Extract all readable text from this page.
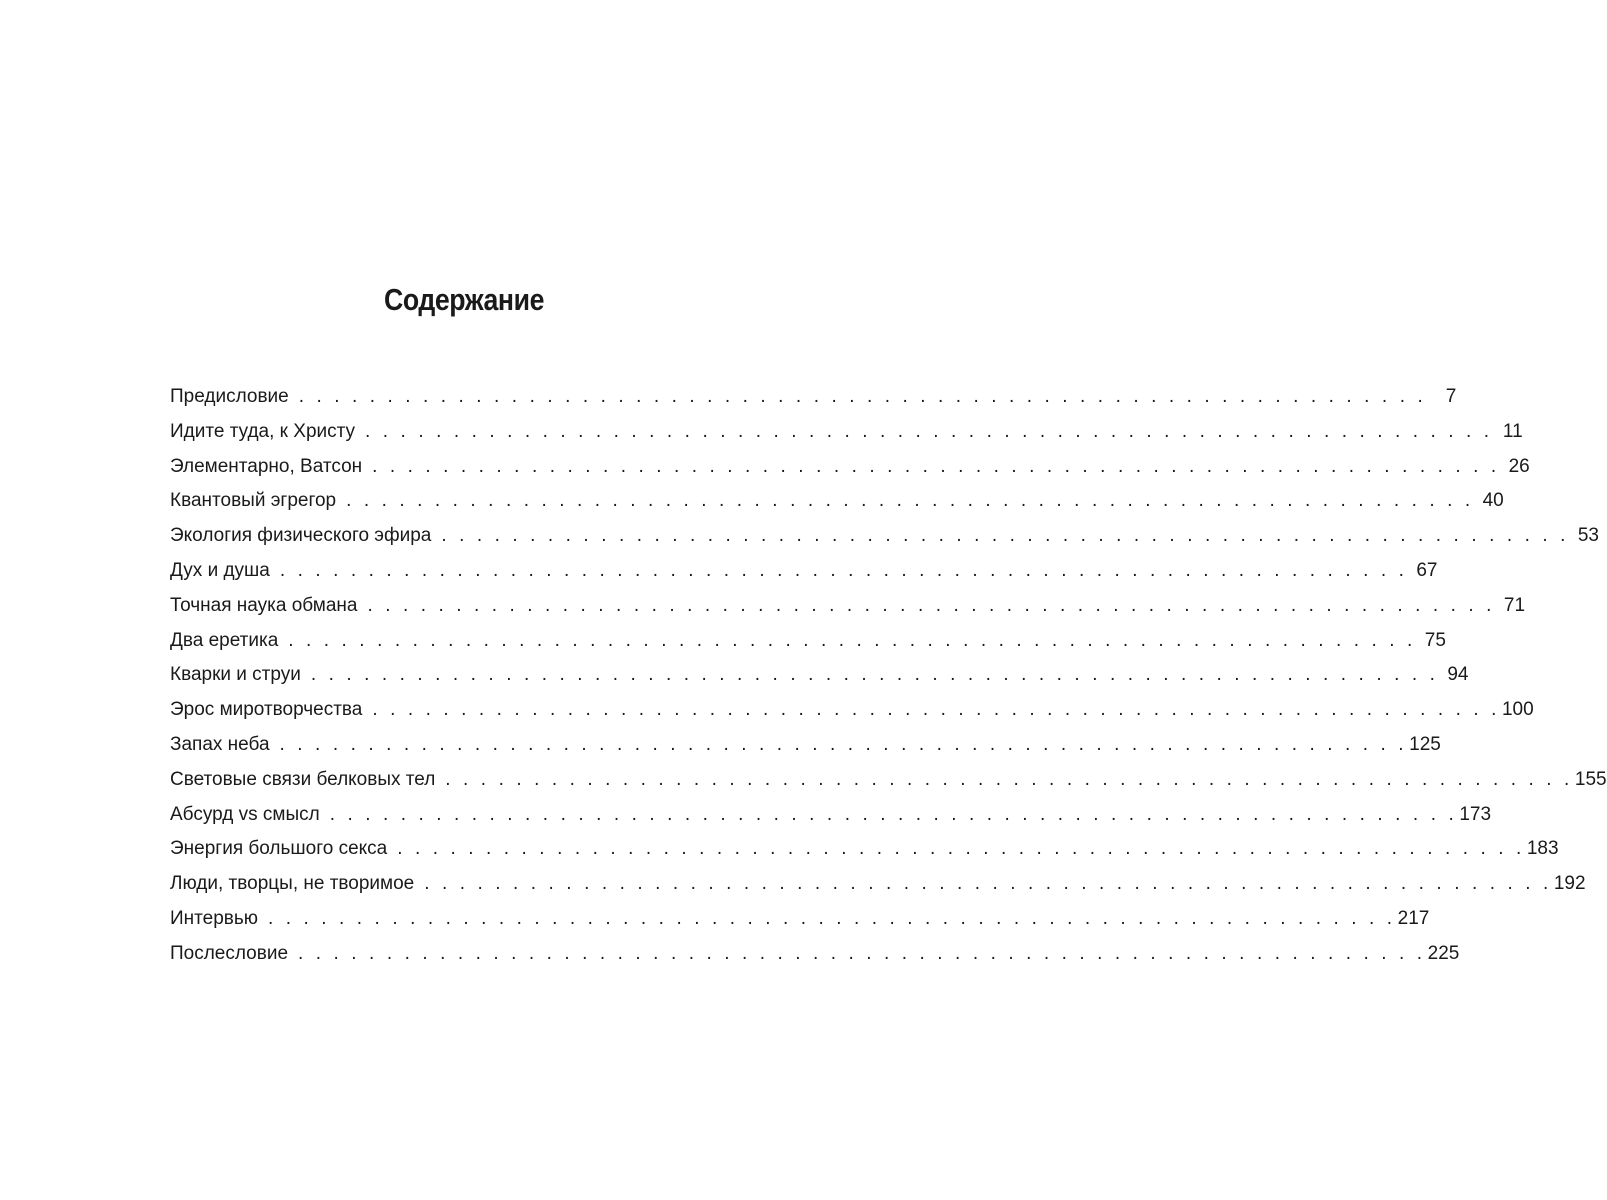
Содержание
Предисловие . . . . . . . . . . . . . . . . . . . . . . . . . . . . . . . . . . . . . . . . . . . . . . . . . . . . . . . . . . . . . . . .	7
Идите туда, к Христу . . . . . . . . . . . . . . . . . . . . . . . . . . . . . . . . . . . . . . . . . . . . . . . . . . . . . . . . . . . . . . . . 11
Элементарно, Ватсон . . . . . . . . . . . . . . . . . . . . . . . . . . . . . . . . . . . . . . . . . . . . . . . . . . . . . . . . . . . . . . . . 26
Квантовый эгрегор . . . . . . . . . . . . . . . . . . . . . . . . . . . . . . . . . . . . . . . . . . . . . . . . . . . . . . . . . . . . . . . . 40
Экология физического эфира . . . . . . . . . . . . . . . . . . . . . . . . . . . . . . . . . . . . . . . . . . . . . . . . . . . . . . . . . . . . . . . . 53
Дух и душа . . . . . . . . . . . . . . . . . . . . . . . . . . . . . . . . . . . . . . . . . . . . . . . . . . . . . . . . . . . . . . . . 67
Точная наука обмана . . . . . . . . . . . . . . . . . . . . . . . . . . . . . . . . . . . . . . . . . . . . . . . . . . . . . . . . . . . . . . . . 71
Два еретика . . . . . . . . . . . . . . . . . . . . . . . . . . . . . . . . . . . . . . . . . . . . . . . . . . . . . . . . . . . . . . . . 75
Кварки и струи . . . . . . . . . . . . . . . . . . . . . . . . . . . . . . . . . . . . . . . . . . . . . . . . . . . . . . . . . . . . . . . . 94
Эрос миротворчества . . . . . . . . . . . . . . . . . . . . . . . . . . . . . . . . . . . . . . . . . . . . . . . . . . . . . . . . . . . . . . . . 100
Запах неба . . . . . . . . . . . . . . . . . . . . . . . . . . . . . . . . . . . . . . . . . . . . . . . . . . . . . . . . . . . . . . . . 125
Световые связи белковых тел . . . . . . . . . . . . . . . . . . . . . . . . . . . . . . . . . . . . . . . . . . . . . . . . . . . . . . . . . . . . . . . . 155
Абсурд vs смысл . . . . . . . . . . . . . . . . . . . . . . . . . . . . . . . . . . . . . . . . . . . . . . . . . . . . . . . . . . . . . . . . 173
Энергия большого секса . . . . . . . . . . . . . . . . . . . . . . . . . . . . . . . . . . . . . . . . . . . . . . . . . . . . . . . . . . . . . . . . 183
Люди, творцы, не творимое . . . . . . . . . . . . . . . . . . . . . . . . . . . . . . . . . . . . . . . . . . . . . . . . . . . . . . . . . . . . . . . . 192
Интервью . . . . . . . . . . . . . . . . . . . . . . . . . . . . . . . . . . . . . . . . . . . . . . . . . . . . . . . . . . . . . . . . 217
Послесловие . . . . . . . . . . . . . . . . . . . . . . . . . . . . . . . . . . . . . . . . . . . . . . . . . . . . . . . . . . . . . . . . 225
